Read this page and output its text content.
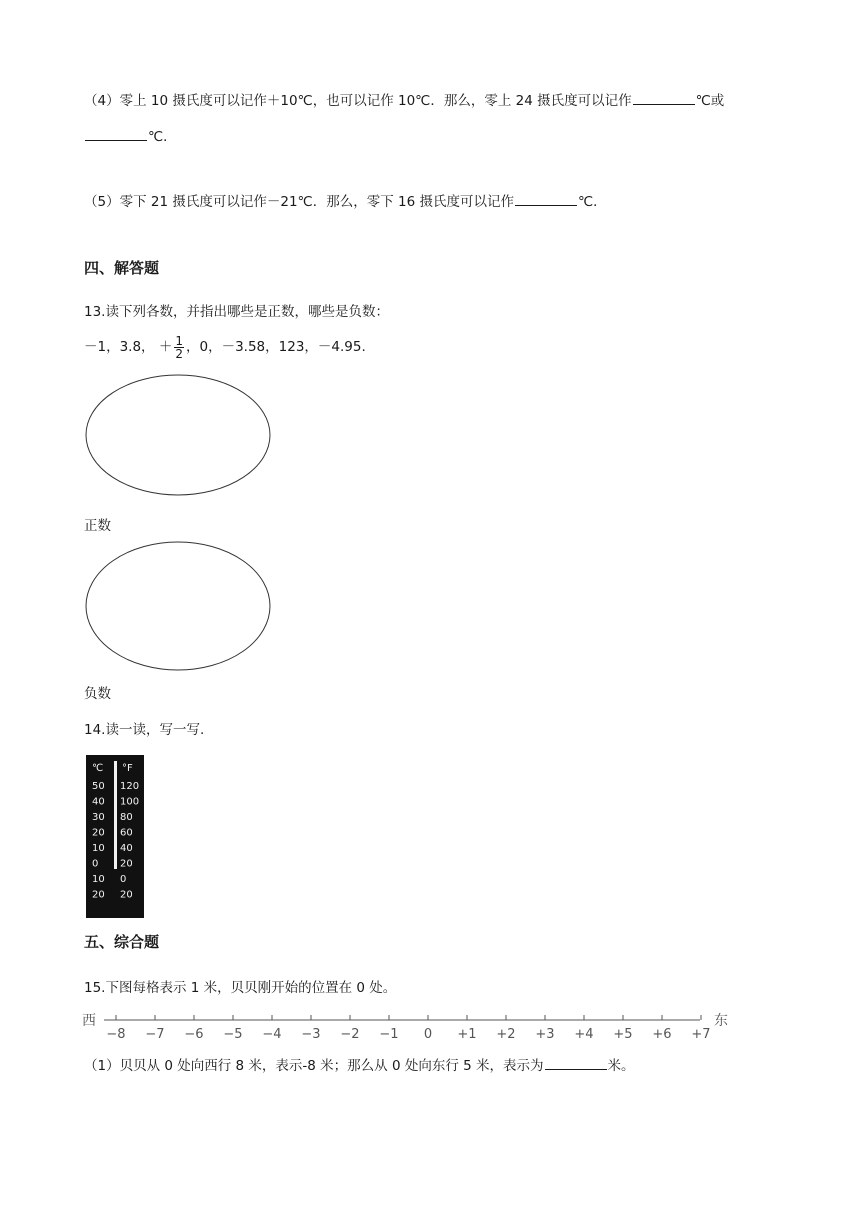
（4）零上 10 摄氏度可以记作＋10℃，也可以记作 10℃．那么，零上 24 摄氏度可以记作	℃或
℃．
（5）零下 21 摄氏度可以记作－21℃．那么，零下 16 摄氏度可以记作	℃．
四、解答题
13.读下列各数，并指出哪些是正数，哪些是负数：
－1，3.8， ＋ $\frac{1}{2}$ ，0，－3.58，123，－4.95.
正数
负数
14.读一读，写一写.
℃ °F
50 120
40 100
30 80
20 60
10 40
0 20
10 0
20 20
五、综合题
15.下图每格表示 1 米，贝贝刚开始的位置在 0 处。
西	东
−8 −7 −6 −5 −4 −3 −2 −1 0 +1 +2 +3 +4 +5 +6 +7
（1）贝贝从 0 处向西行 8 米，表示-8 米；那么从 0 处向东行 5 米，表示为	米。
